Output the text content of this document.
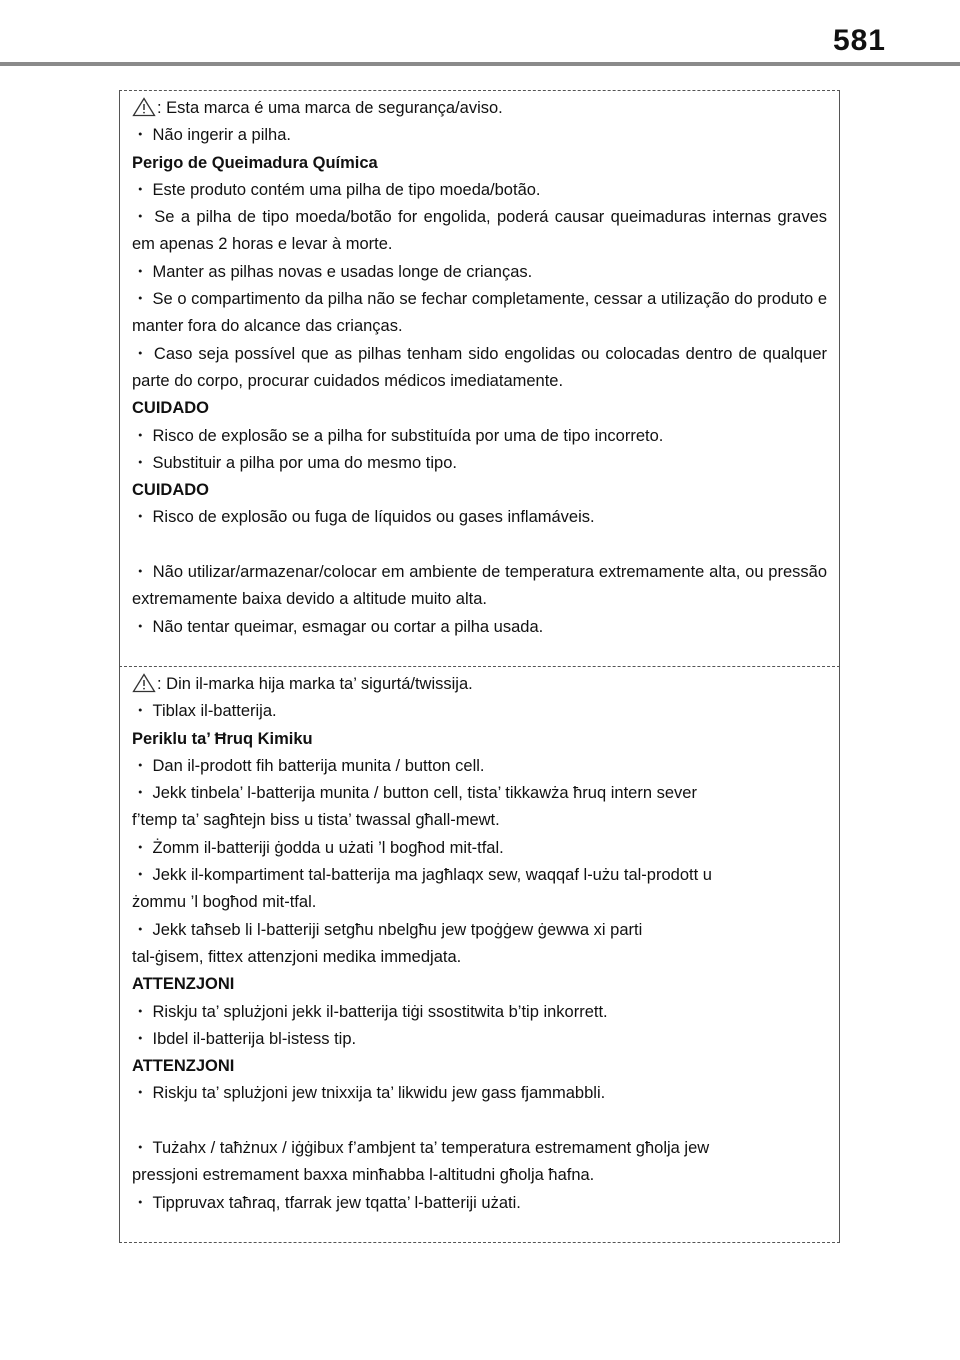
581

: Esta marca é uma marca de segurança/aviso.

・ Não ingerir a pilha.

Perigo de Queimadura Química

・ Este produto contém uma pilha de tipo moeda/botão.

・ Se a pilha de tipo moeda/botão for engolida, poderá causar queimaduras internas graves em apenas 2 horas e levar à morte.

・ Manter as pilhas novas e usadas longe de crianças.

・ Se o compartimento da pilha não se fechar completamente, cessar a utilização do produto e manter fora do alcance das crianças.

・ Caso seja possível que as pilhas tenham sido engolidas ou colocadas dentro de qualquer parte do corpo, procurar cuidados médicos imediatamente.

CUIDADO

・ Risco de explosão se a pilha for substituída por uma de tipo incorreto.

・ Substituir a pilha por uma do mesmo tipo.

CUIDADO

・ Risco de explosão ou fuga de líquidos ou gases inflamáveis.

・ Não utilizar/armazenar/colocar em ambiente de temperatura extremamente alta, ou pressão extremamente baixa devido a altitude muito alta.

・ Não tentar queimar, esmagar ou cortar a pilha usada.

: Din il-marka hija marka ta’ sigurtá/twissija.

・ Tiblax il-batterija.

Periklu ta’ Ħruq Kimiku

・ Dan il-prodott fih batterija munita / button cell.

・ Jekk tinbela’ l-batterija munita / button cell, tista’ tikkawża ħruq intern sever

f’temp ta’ sagħtejn biss u tista’ twassal għall-mewt.

・ Żomm il-batteriji ġodda u użati ’l bogħod mit-tfal.

・ Jekk il-kompartiment tal-batterija ma jagħlaqx sew, waqqaf l-użu tal-prodott u

żommu ’l bogħod mit-tfal.

・ Jekk taħseb li l-batteriji setgħu nbelgħu jew tpoġġew ġewwa xi parti

tal-ġisem, fittex attenzjoni medika immedjata.

ATTENZJONI

・ Riskju ta’ splużjoni jekk il-batterija tiġi ssostitwita b’tip inkorrett.

・ Ibdel il-batterija bl-istess tip.

ATTENZJONI

・ Riskju ta’ splużjoni jew tnixxija ta’ likwidu jew gass fjammabbli.

・ Tużahx / taħżnux / iġġibux f’ambjent ta’ temperatura estremament għolja jew

pressjoni estremament baxxa minħabba l-altitudni għolja ħafna.

・ Tippruvax taħraq, tfarrak jew tqatta’ l-batteriji użati.
